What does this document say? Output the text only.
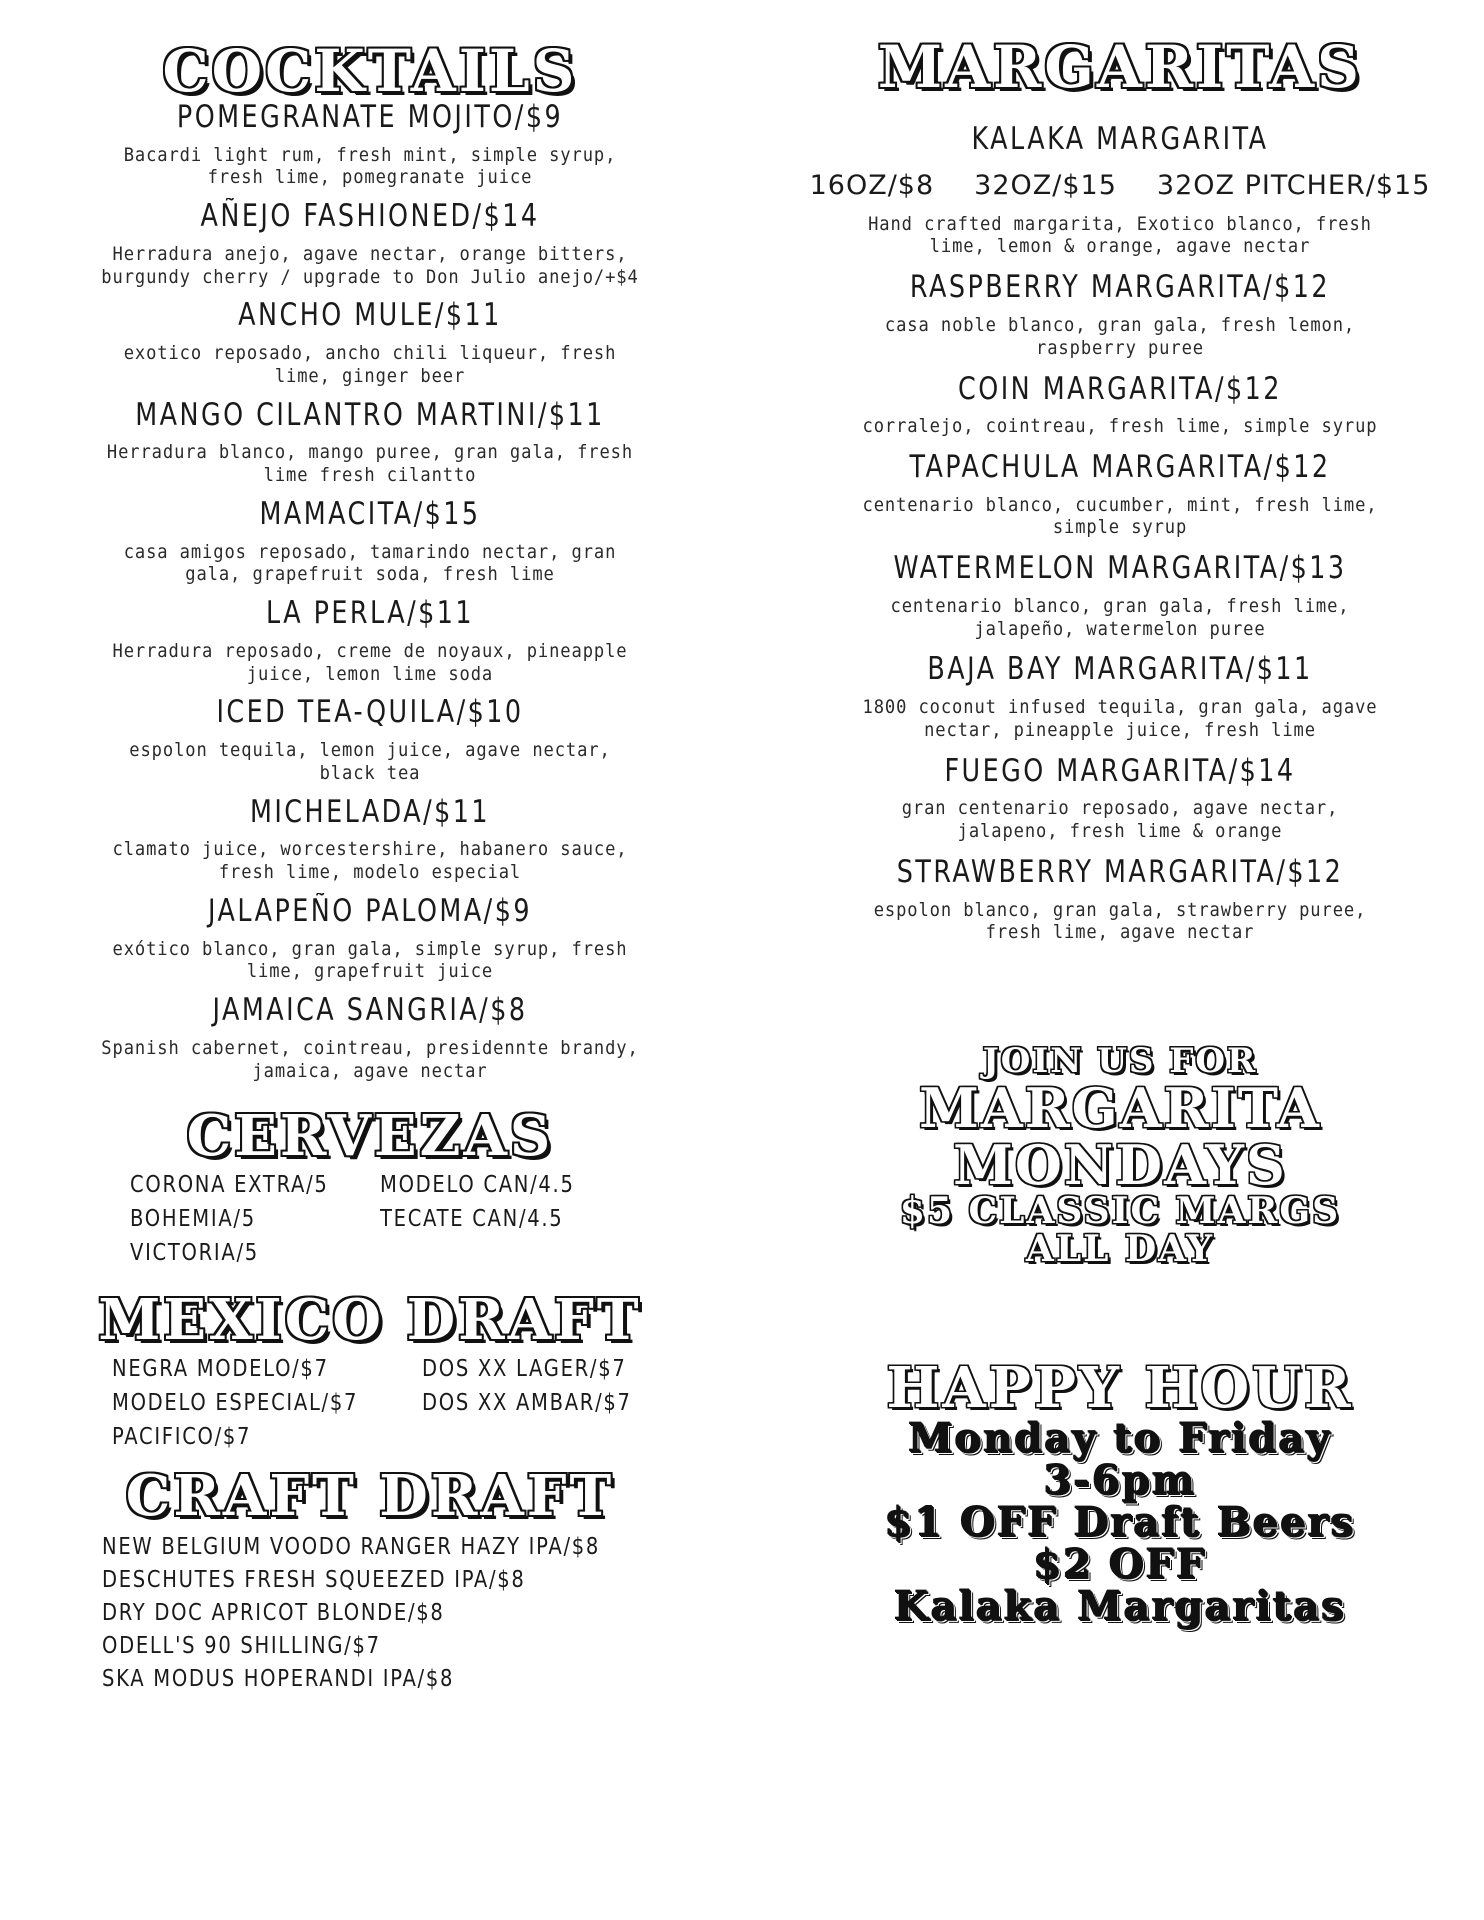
COCKTAILS

POMEGRANATE MOJITO/$9

Bacardi light rum, fresh mint, simple syrup, fresh lime, pomegranate juice

AÑEJO FASHIONED/$14

Herradura anejo, agave nectar, orange bitters, burgundy cherry / upgrade to Don Julio anejo/+$4

ANCHO MULE/$11

exotico reposado, ancho chili liqueur, fresh lime, ginger beer

MANGO CILANTRO MARTINI/$11

Herradura blanco, mango puree, gran gala, fresh lime fresh cilantto

MAMACITA/$15

casa amigos reposado, tamarindo nectar, gran gala, grapefruit soda, fresh lime

LA PERLA/$11

Herradura reposado, creme de noyaux, pineapple juice, lemon lime soda

ICED TEA-QUILA/$10

espolon tequila, lemon juice, agave nectar, black tea

MICHELADA/$11

clamato juice, worcestershire, habanero sauce, fresh lime, modelo especial

JALAPEÑO PALOMA/$9

exótico blanco, gran gala, simple syrup, fresh lime, grapefruit juice

JAMAICA SANGRIA/$8

Spanish cabernet, cointreau, presidennte brandy, jamaica, agave nectar

CERVEZAS
CORONA EXTRA/5	MODELO CAN/4.5
BOHEMIA/5	TECATE CAN/4.5
VICTORIA/5
MEXICO DRAFT
NEGRA MODELO/$7	DOS XX LAGER/$7
MODELO ESPECIAL/$7	DOS XX AMBAR/$7
PACIFICO/$7
CRAFT DRAFT
NEW BELGIUM VOODO RANGER HAZY IPA/$8
DESCHUTES FRESH SQUEEZED IPA/$8
DRY DOC APRICOT BLONDE/$8
ODELL'S 90 SHILLING/$7
SKA MODUS HOPERANDI IPA/$8
MARGARITAS

KALAKA MARGARITA

16OZ/$8 32OZ/$15 32OZ PITCHER/$15

Hand crafted margarita, Exotico blanco, fresh lime, lemon & orange, agave nectar

RASPBERRY MARGARITA/$12

casa noble blanco, gran gala, fresh lemon, raspberry puree

COIN MARGARITA/$12

corralejo, cointreau, fresh lime, simple syrup

TAPACHULA MARGARITA/$12

centenario blanco, cucumber, mint, fresh lime, simple syrup

WATERMELON MARGARITA/$13

centenario blanco, gran gala, fresh lime, jalapeño, watermelon puree

BAJA BAY MARGARITA/$11

1800 coconut infused tequila, gran gala, agave nectar, pineapple juice, fresh lime

FUEGO MARGARITA/$14

gran centenario reposado, agave nectar, jalapeno, fresh lime & orange

STRAWBERRY MARGARITA/$12

espolon blanco, gran gala, strawberry puree, fresh lime, agave nectar

JOIN US FOR

MARGARITA

MONDAYS

$5 CLASSIC MARGS

ALL DAY

HAPPY HOUR

Monday to Friday

3-6pm

$1 OFF Draft Beers

$2 OFF

Kalaka Margaritas
